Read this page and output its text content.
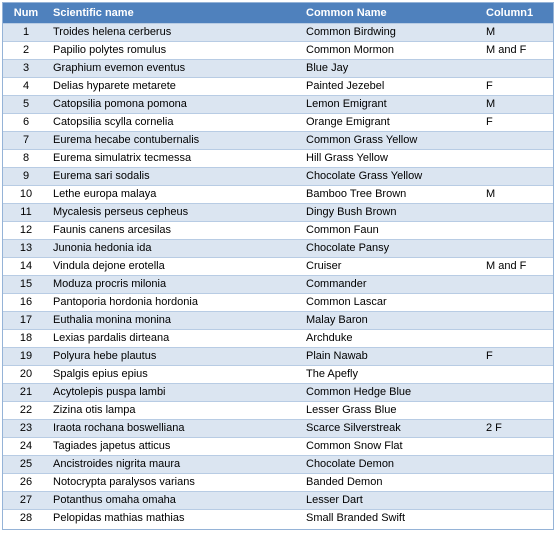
Num	Scientific name	Common Name	Column1
1	Troides helena cerberus	Common Birdwing	M
2	Papilio polytes romulus	Common Mormon	M and F
3	Graphium evemon eventus	Blue Jay	
4	Delias hyparete metarete	Painted Jezebel	F
5	Catopsilia pomona pomona	Lemon Emigrant	M
6	Catopsilia scylla cornelia	Orange Emigrant	F
7	Eurema hecabe contubernalis	Common Grass Yellow	
8	Eurema simulatrix tecmessa	Hill Grass Yellow	
9	Eurema sari sodalis	Chocolate Grass Yellow	
10	Lethe europa malaya	Bamboo Tree Brown	M
11	Mycalesis perseus cepheus	Dingy Bush Brown	
12	Faunis canens arcesilas	Common Faun	
13	Junonia hedonia ida	Chocolate Pansy	
14	Vindula dejone erotella	Cruiser	M and F
15	Moduza procris milonia	Commander	
16	Pantoporia hordonia hordonia	Common Lascar	
17	Euthalia monina monina	Malay Baron	
18	Lexias pardalis dirteana	Archduke	
19	Polyura hebe plautus	Plain Nawab	F
20	Spalgis epius epius	The Apefly	
21	Acytolepis puspa lambi	Common Hedge Blue	
22	Zizina otis lampa	Lesser Grass Blue	
23	Iraota rochana boswelliana	Scarce Silverstreak	2 F
24	Tagiades japetus atticus	Common Snow Flat	
25	Ancistroides nigrita maura	Chocolate Demon	
26	Notocrypta paralysos varians	Banded Demon	
27	Potanthus omaha omaha	Lesser Dart	
28	Pelopidas mathias mathias	Small Branded Swift	
